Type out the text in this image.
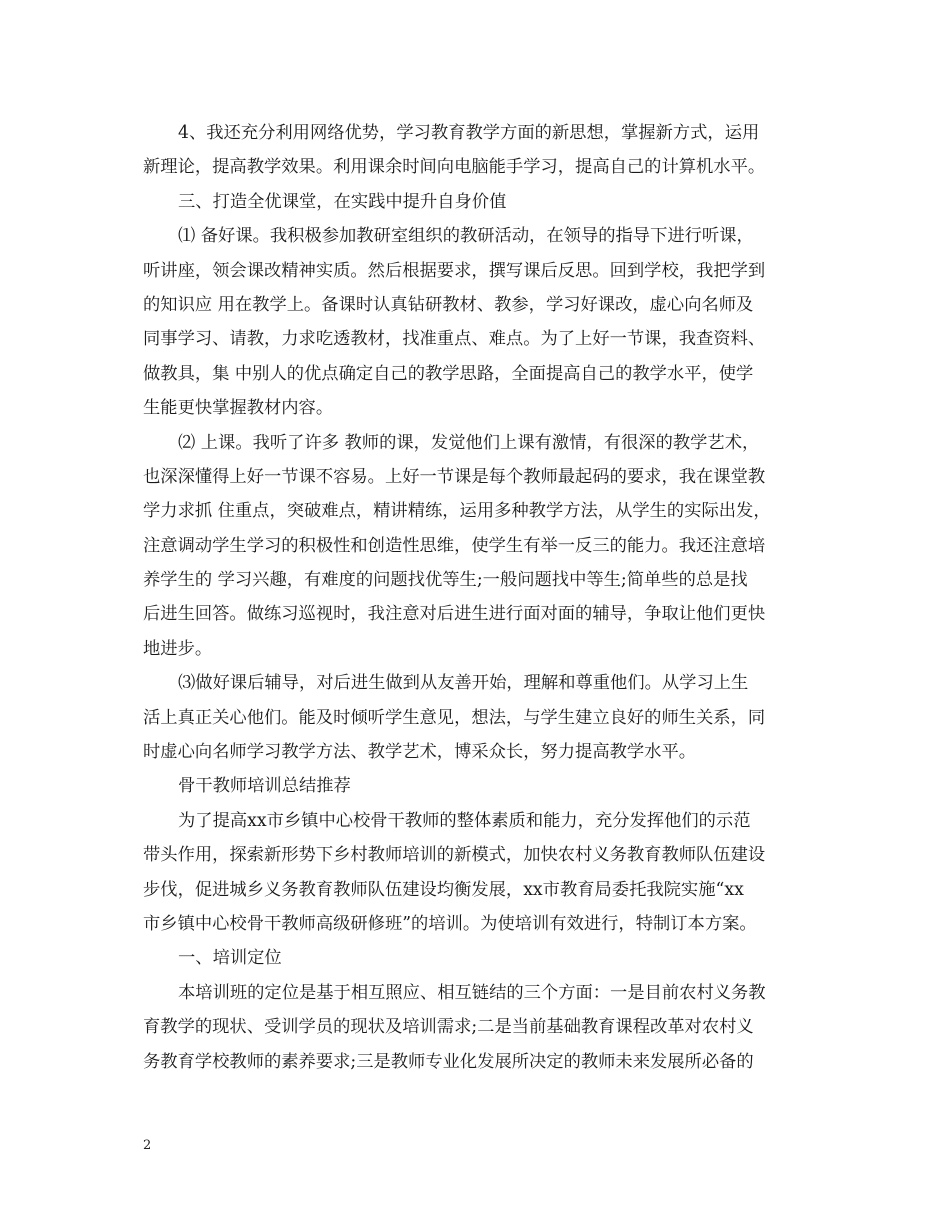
4、我还充分利用网络优势，学习教育教学方面的新思想，掌握新方式，运用
新理论，提高教学效果。利用课余时间向电脑能手学习，提高自己的计算机水平。
三、打造全优课堂，在实践中提升自身价值
⑴ 备好课。我积极参加教研室组织的教研活动，在领导的指导下进行听课，
听讲座，领会课改精神实质。然后根据要求，撰写课后反思。回到学校，我把学到
的知识应 用在教学上。备课时认真钻研教材、教参，学习好课改，虚心向名师及
同事学习、请教，力求吃透教材，找准重点、难点。为了上好一节课，我查资料、
做教具，集 中别人的优点确定自己的教学思路，全面提高自己的教学水平，使学
生能更快掌握教材内容。
⑵ 上课。我听了许多 教师的课，发觉他们上课有激情，有很深的教学艺术，
也深深懂得上好一节课不容易。上好一节课是每个教师最起码的要求，我在课堂教
学力求抓 住重点，突破难点，精讲精练，运用多种教学方法，从学生的实际出发，
注意调动学生学习的积极性和创造性思维，使学生有举一反三的能力。我还注意培
养学生的 学习兴趣，有难度的问题找优等生;一般问题找中等生;简单些的总是找
后进生回答。做练习巡视时，我注意对后进生进行面对面的辅导，争取让他们更快
地进步。
⑶做好课后辅导，对后进生做到从友善开始，理解和尊重他们。从学习上生
活上真正关心他们。能及时倾听学生意见，想法，与学生建立良好的师生关系，同
时虚心向名师学习教学方法、教学艺术，博采众长，努力提高教学水平。
骨干教师培训总结推荐
为了提高xx市乡镇中心校骨干教师的整体素质和能力，充分发挥他们的示范
带头作用，探索新形势下乡村教师培训的新模式，加快农村义务教育教师队伍建设
步伐，促进城乡义务教育教师队伍建设均衡发展，xx市教育局委托我院实施“xx
市乡镇中心校骨干教师高级研修班”的培训。为使培训有效进行，特制订本方案。
一、培训定位
本培训班的定位是基于相互照应、相互链结的三个方面：一是目前农村义务教
育教学的现状、受训学员的现状及培训需求;二是当前基础教育课程改革对农村义
务教育学校教师的素养要求;三是教师专业化发展所决定的教师未来发展所必备的
2
